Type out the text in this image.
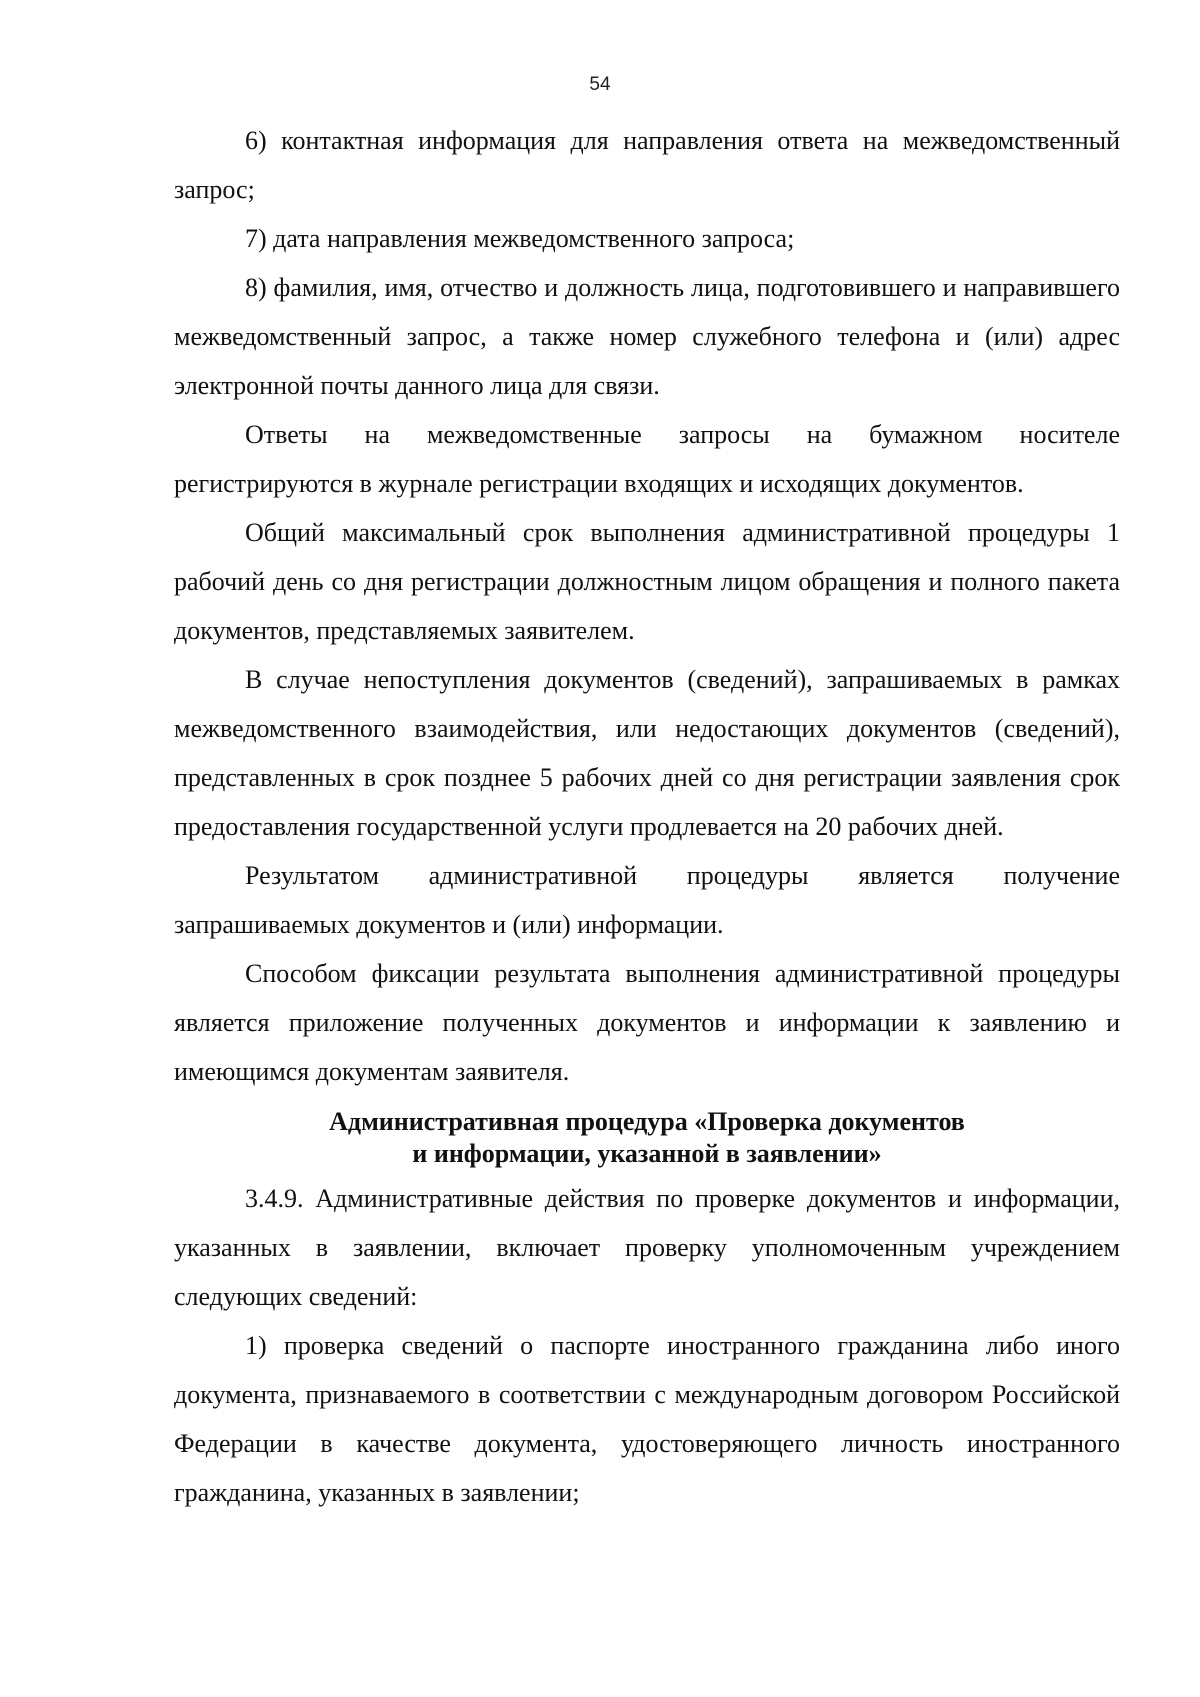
54

6) контактная информация для направления ответа на межведомственный запрос;

7) дата направления межведомственного запроса;

8) фамилия, имя, отчество и должность лица, подготовившего и направившего межведомственный запрос, а также номер служебного телефона и (или) адрес электронной почты данного лица для связи.

Ответы на межведомственные запросы на бумажном носителе регистрируются в журнале регистрации входящих и исходящих документов.

Общий максимальный срок выполнения административной процедуры 1 рабочий день со дня регистрации должностным лицом обращения и полного пакета документов, представляемых заявителем.

В случае непоступления документов (сведений), запрашиваемых в рамках межведомственного взаимодействия, или недостающих документов (сведений), представленных в срок позднее 5 рабочих дней со дня регистрации заявления срок предоставления государственной услуги продлевается на 20 рабочих дней.

Результатом административной процедуры является получение запрашиваемых документов и (или) информации.

Способом фиксации результата выполнения административной процедуры является приложение полученных документов и информации к заявлению и имеющимся документам заявителя.

Административная процедура «Проверка документов
и информации, указанной в заявлении»

3.4.9. Административные действия по проверке документов и информации, указанных в заявлении, включает проверку уполномоченным учреждением следующих сведений:

1) проверка сведений о паспорте иностранного гражданина либо иного документа, признаваемого в соответствии с международным договором Российской Федерации в качестве документа, удостоверяющего личность иностранного гражданина, указанных в заявлении;
